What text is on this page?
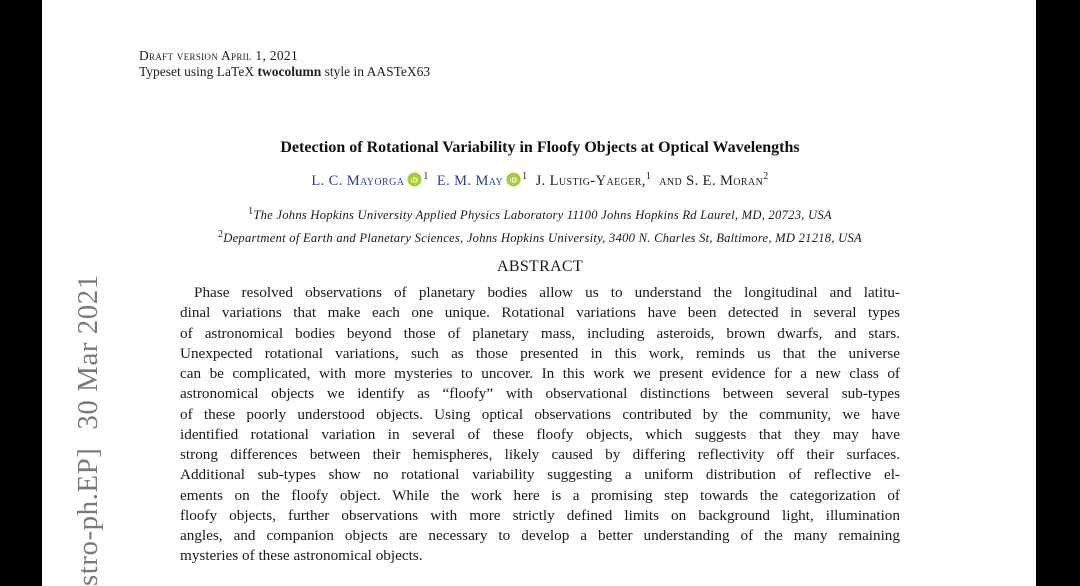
stro-ph.EP]30 Mar 2021
Draft version April 1, 2021
Typeset using LaTeX twocolumn style in AASTeX63
Detection of Rotational Variability in Floofy Objects at Optical Wavelengths
L. C. Mayorga iD $^1$ E. M. May iD $^1$ J. Lustig-Yaeger,$^1$ and S. E. Moran$^2$
$^1$The Johns Hopkins University Applied Physics Laboratory 11100 Johns Hopkins Rd Laurel, MD, 20723, USA
$^2$Department of Earth and Planetary Sciences, Johns Hopkins University, 3400 N. Charles St, Baltimore, MD 21218, USA
ABSTRACT
Phase resolved observations of planetary bodies allow us to understand the longitudinal and latitu-
dinal variations that make each one unique. Rotational variations have been detected in several types
of astronomical bodies beyond those of planetary mass, including asteroids, brown dwarfs, and stars.
Unexpected rotational variations, such as those presented in this work, reminds us that the universe
can be complicated, with more mysteries to uncover. In this work we present evidence for a new class of
astronomical objects we identify as “floofy” with observational distinctions between several sub-types
of these poorly understood objects. Using optical observations contributed by the community, we have
identified rotational variation in several of these floofy objects, which suggests that they may have
strong differences between their hemispheres, likely caused by differing reflectivity off their surfaces.
Additional sub-types show no rotational variability suggesting a uniform distribution of reflective el-
ements on the floofy object. While the work here is a promising step towards the categorization of
floofy objects, further observations with more strictly defined limits on background light, illumination
angles, and companion objects are necessary to develop a better understanding of the many remaining
mysteries of these astronomical objects.
